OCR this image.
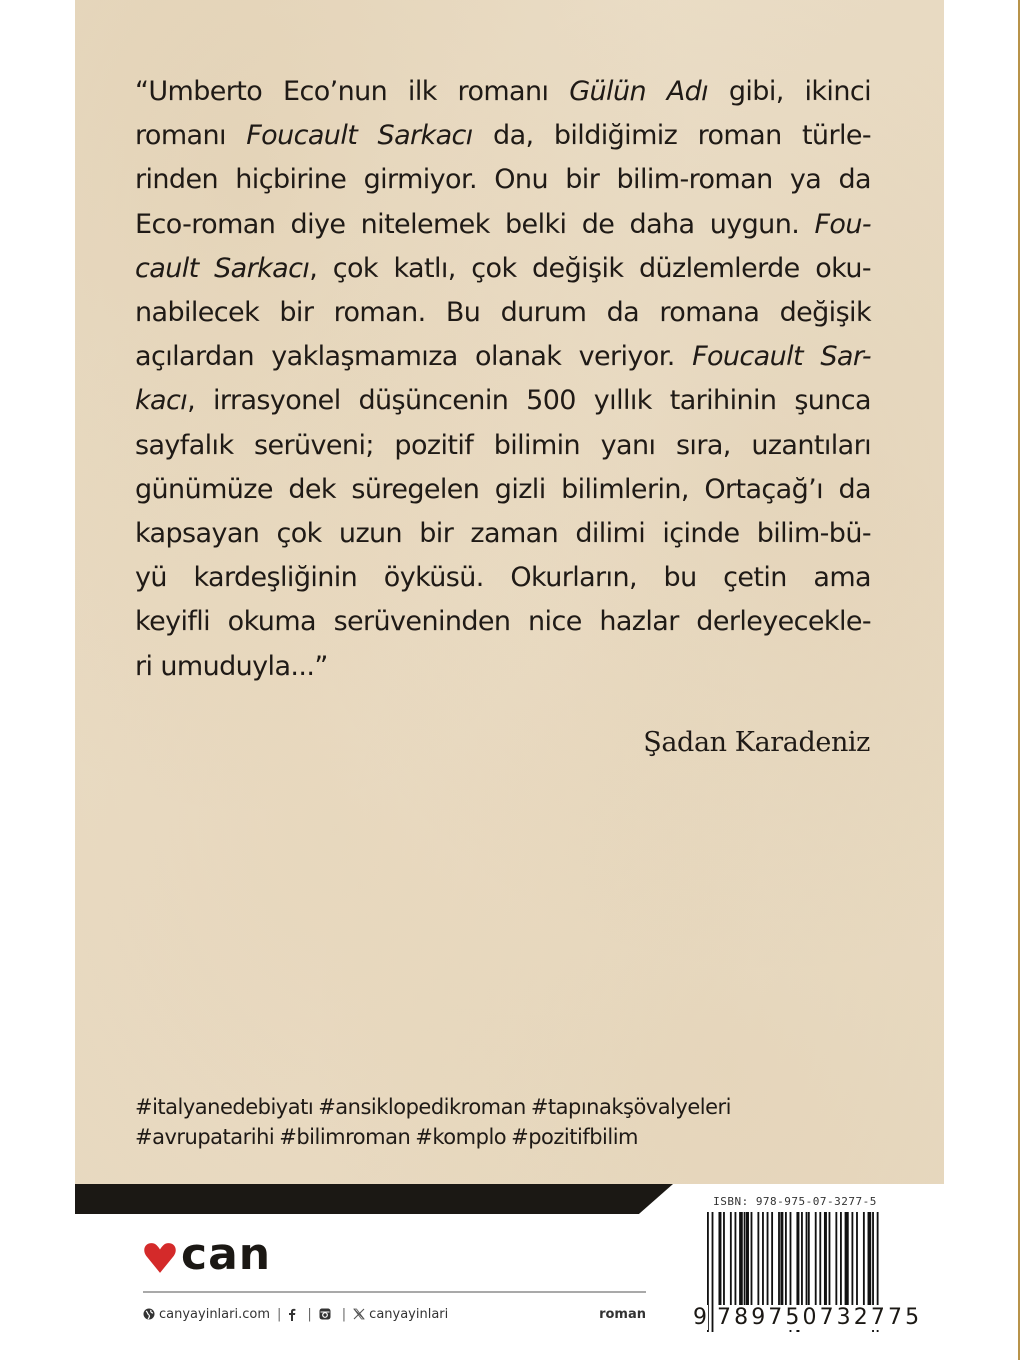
“Umberto Eco’nun ilk romanı Gülün Adı gibi, ikinci
romanı Foucault Sarkacı da, bildiğimiz roman türle-
rinden hiçbirine girmiyor. Onu bir bilim-roman ya da
Eco-roman diye nitelemek belki de daha uygun. Fou-
cault Sarkacı, çok katlı, çok değişik düzlemlerde oku-
nabilecek bir roman. Bu durum da romana değişik
açılardan yaklaşmamıza olanak veriyor. Foucault Sar-
kacı, irrasyonel düşüncenin 500 yıllık tarihinin şunca
sayfalık serüveni; pozitif bilimin yanı sıra, uzantıları
günümüze dek süregelen gizli bilimlerin, Ortaçağ’ı da
kapsayan çok uzun bir zaman dilimi içinde bilim-bü-
yü kardeşliğinin öyküsü. Okurların, bu çetin ama
keyifli okuma serüveninden nice hazlar derleyecekle-
ri umuduyla...”
Şadan Karadeniz
#italyanedebiyatı #ansiklopedikroman #tapınakşövalyeleri
#avrupatarihi #bilimroman #komplo #pozitifbilim
can
canyayinlari.com | | | canyayinlari	roman
ISBN: 978-975-07-3277-5
9 789750732775
